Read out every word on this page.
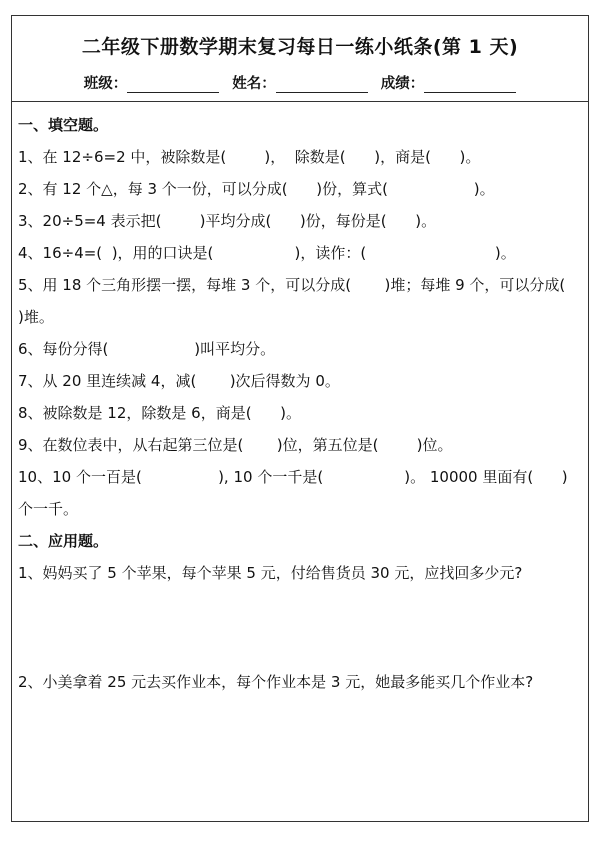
二年级下册数学期末复习每日一练小纸条(第 1 天)
班级：	姓名：	成绩：
一、填空题。
1、在 12÷6=2 中，被除数是(        )，  除数是(      )，商是(      )。
2、有 12 个△，每 3 个一份，可以分成(      )份，算式(                  )。
3、20÷5=4 表示把(        )平均分成(      )份，每份是(      )。
4、16÷4=(  )，用的口诀是(                 )，读作：(                           )。
5、用 18 个三角形摆一摆，每堆 3 个，可以分成(       )堆；每堆 9 个，可以分成(      )堆。
6、每份分得(                  )叫平均分。
7、从 20 里连续减 4，减(       )次后得数为 0。
8、被除数是 12，除数是 6，商是(      )。
9、在数位表中，从右起第三位是(       )位，第五位是(        )位。
10、10 个一百是(                ), 10 个一千是(                 )。 10000 里面有(      )个一千。
二、应用题。
1、妈妈买了 5 个苹果，每个苹果 5 元，付给售货员 30 元，应找回多少元?
2、小美拿着 25 元去买作业本，每个作业本是 3 元，她最多能买几个作业本?
